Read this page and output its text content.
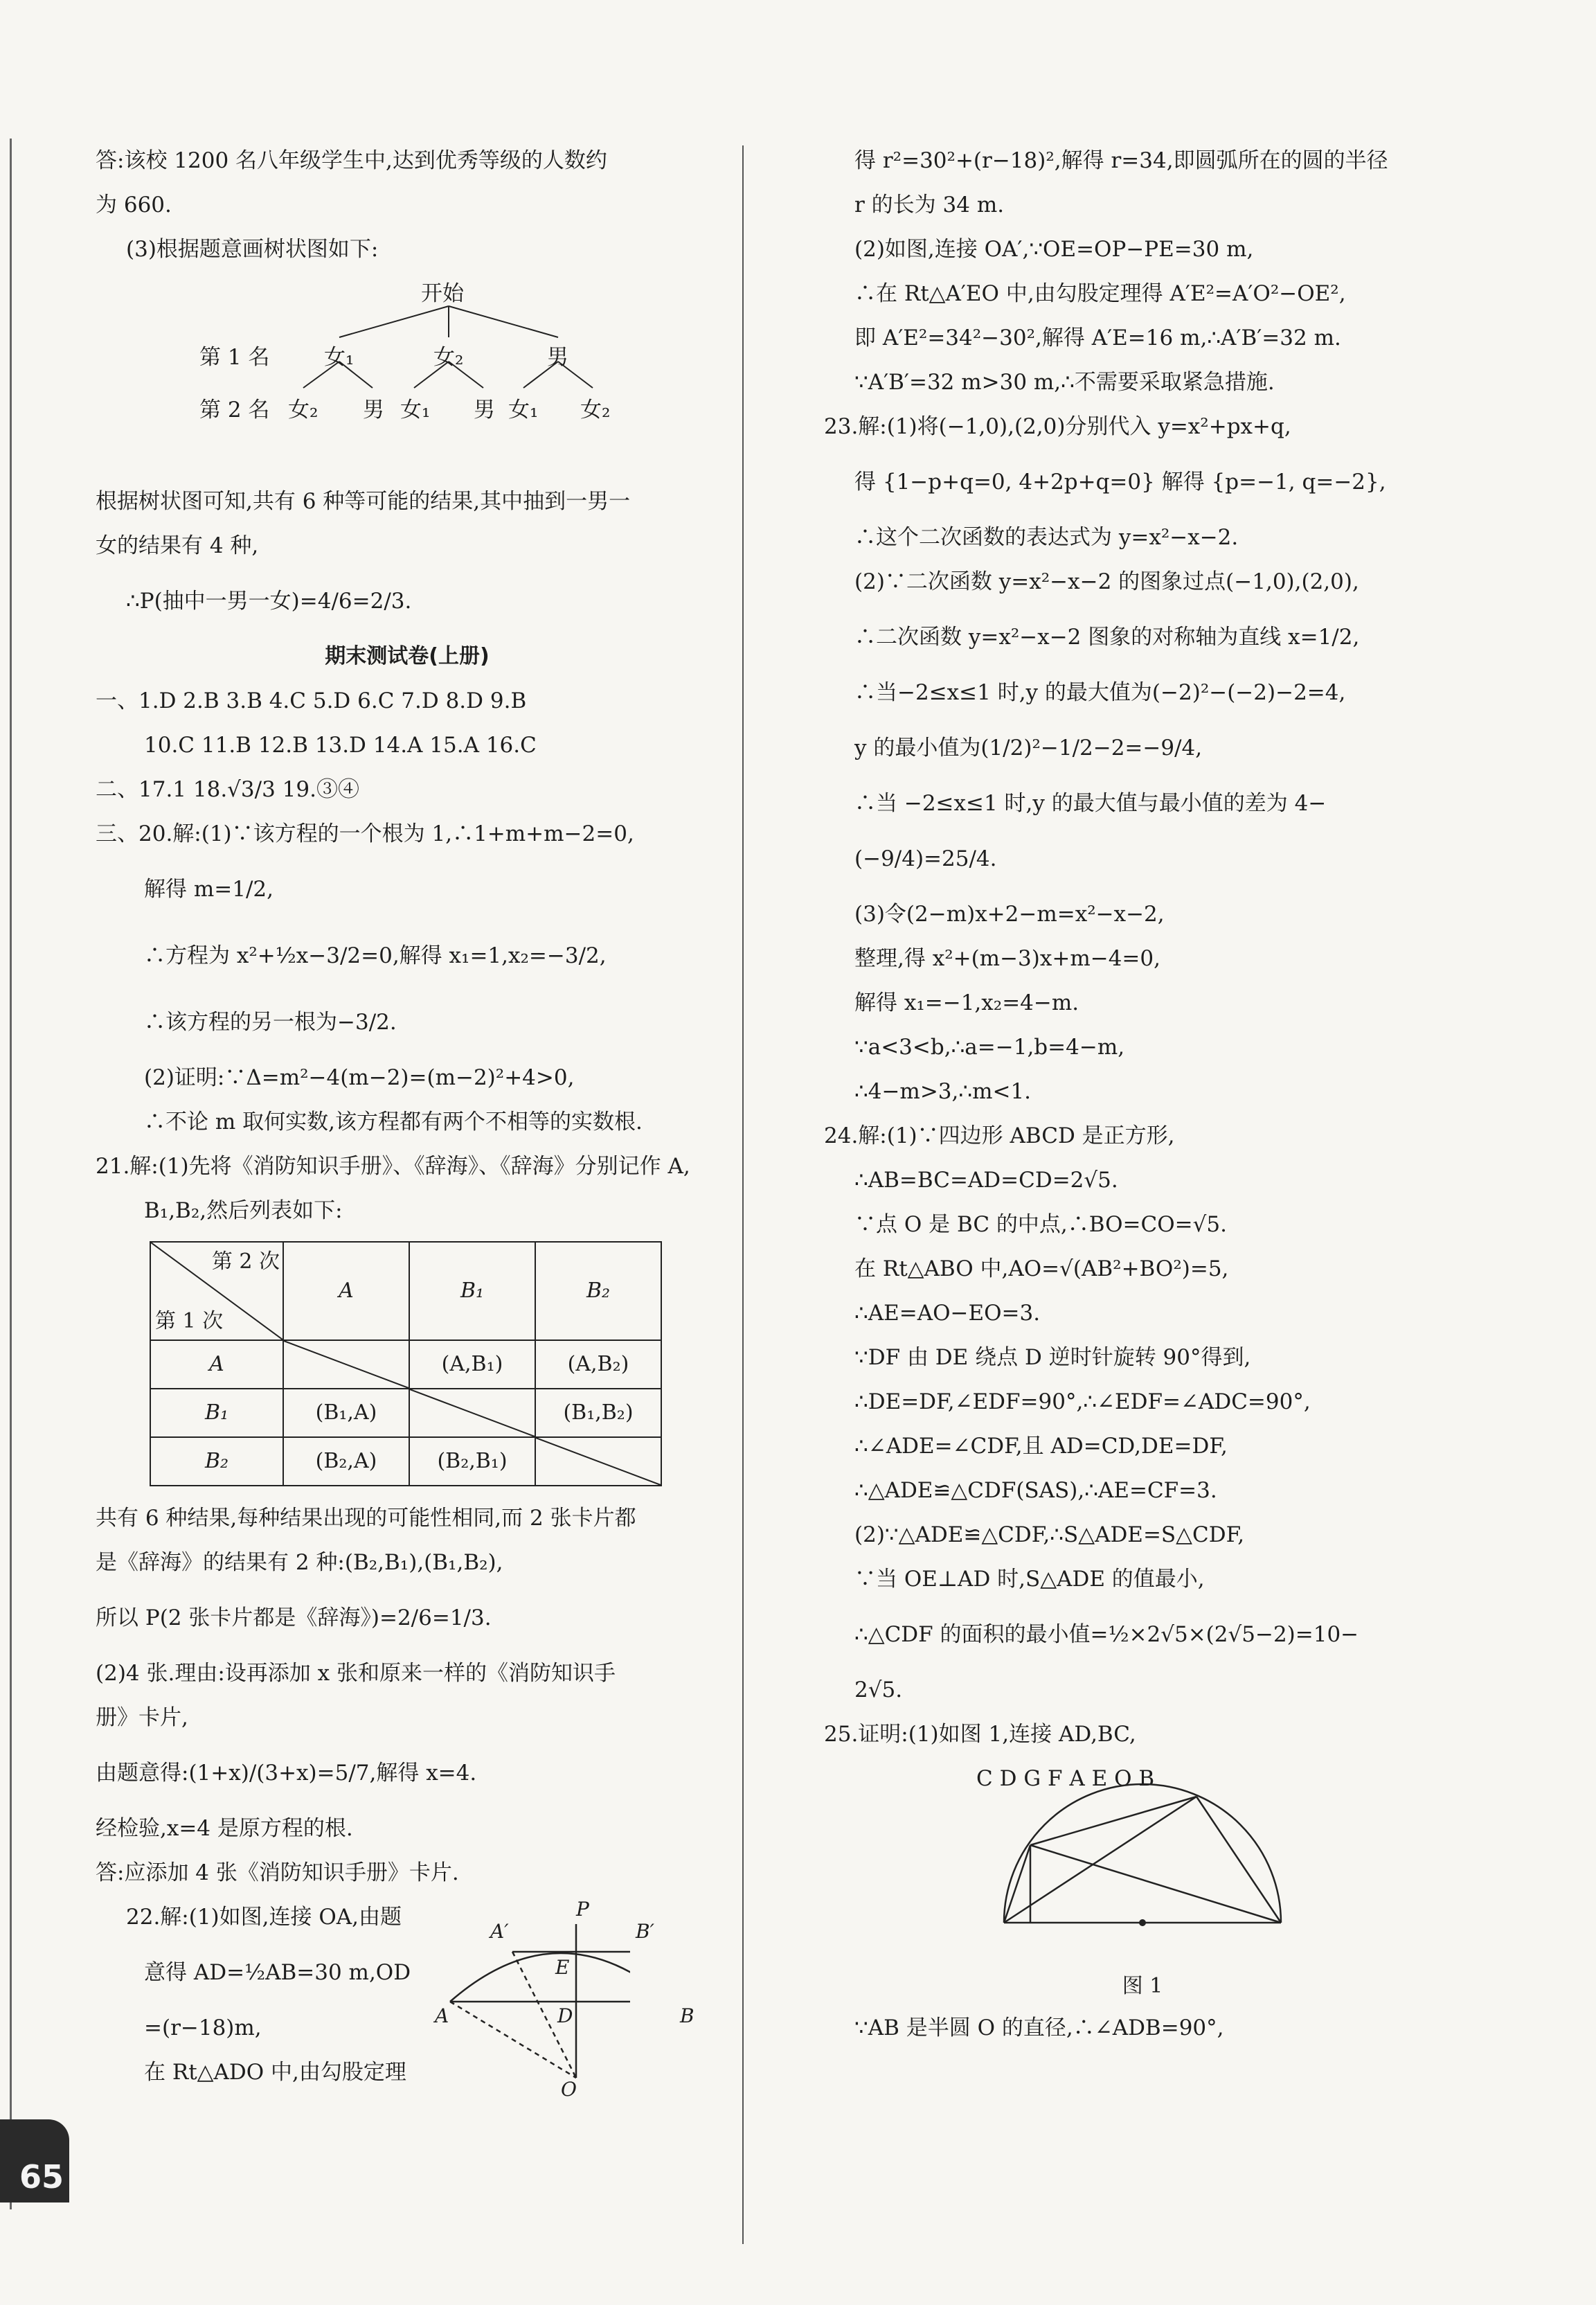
答:该校 1200 名八年级学生中,达到优秀等级的人数约
为 660.
(3)根据题意画树状图如下:
开始
第 1 名
第 2 名
女₁	女₂	男
女₂ 男 女₁ 男 女₁ 女₂
根据树状图可知,共有 6 种等可能的结果,其中抽到一男一
女的结果有 4 种,
∴P(抽中一男一女)=4/6=2/3.
期末测试卷(上册)
一、1.D 2.B 3.B 4.C 5.D 6.C 7.D 8.D 9.B
10.C 11.B 12.B 13.D 14.A 15.A 16.C
二、17.1 18.√3/3 19.③④
三、20.解:(1)∵该方程的一个根为 1,∴1+m+m−2=0,
解得 m=1/2,
∴方程为 x²+½x−3/2=0,解得 x₁=1,x₂=−3/2,
∴该方程的另一根为−3/2.
(2)证明:∵Δ=m²−4(m−2)=(m−2)²+4>0,
∴不论 m 取何实数,该方程都有两个不相等的实数根.
21.解:(1)先将《消防知识手册》、《辞海》、《辞海》分别记作 A,
B₁,B₂,然后列表如下:
第 2 次
第 1 次	A	B₁	B₂
A		(A,B₁)	(A,B₂)
B₁	(B₁,A)		(B₁,B₂)
B₂	(B₂,A)	(B₂,B₁)	
共有 6 种结果,每种结果出现的可能性相同,而 2 张卡片都
是《辞海》的结果有 2 种:(B₂,B₁),(B₁,B₂),
所以 P(2 张卡片都是《辞海》)=2/6=1/3.
(2)4 张.理由:设再添加 x 张和原来一样的《消防知识手
册》卡片,
由题意得:(1+x)/(3+x)=5/7,解得 x=4.
经检验,x=4 是原方程的根.
答:应添加 4 张《消防知识手册》卡片.
22.解:(1)如图,连接 OA,由题
意得 AD=½AB=30 m,OD
=(r−18)m,
在 Rt△ADO 中,由勾股定理
P
A′	B′
E
A	D	B
O
得 r²=30²+(r−18)²,解得 r=34,即圆弧所在的圆的半径
r 的长为 34 m.
(2)如图,连接 OA′,∵OE=OP−PE=30 m,
∴在 Rt△A′EO 中,由勾股定理得 A′E²=A′O²−OE²,
即 A′E²=34²−30²,解得 A′E=16 m,∴A′B′=32 m.
∵A′B′=32 m>30 m,∴不需要采取紧急措施.
23.解:(1)将(−1,0),(2,0)分别代入 y=x²+px+q,
得 {1−p+q=0, 4+2p+q=0} 解得 {p=−1, q=−2},
∴这个二次函数的表达式为 y=x²−x−2.
(2)∵二次函数 y=x²−x−2 的图象过点(−1,0),(2,0),
∴二次函数 y=x²−x−2 图象的对称轴为直线 x=1/2,
∴当−2≤x≤1 时,y 的最大值为(−2)²−(−2)−2=4,
y 的最小值为(1/2)²−1/2−2=−9/4,
∴当 −2≤x≤1 时,y 的最大值与最小值的差为 4−
(−9/4)=25/4.
(3)令(2−m)x+2−m=x²−x−2,
整理,得 x²+(m−3)x+m−4=0,
解得 x₁=−1,x₂=4−m.
∵a<3<b,∴a=−1,b=4−m,
∴4−m>3,∴m<1.
24.解:(1)∵四边形 ABCD 是正方形,
∴AB=BC=AD=CD=2√5.
∵点 O 是 BC 的中点,∴BO=CO=√5.
在 Rt△ABO 中,AO=√(AB²+BO²)=5,
∴AE=AO−EO=3.
∵DF 由 DE 绕点 D 逆时针旋转 90°得到,
∴DE=DF,∠EDF=90°,∴∠EDF=∠ADC=90°,
∴∠ADE=∠CDF,且 AD=CD,DE=DF,
∴△ADE≌△CDF(SAS),∴AE=CF=3.
(2)∵△ADE≌△CDF,∴S△ADE=S△CDF,
∵当 OE⊥AD 时,S△ADE 的值最小,
∴△CDF 的面积的最小值=½×2√5×(2√5−2)=10−
2√5.
25.证明:(1)如图 1,连接 AD,BC,
C D G F A E O B
图 1
∵AB 是半圆 O 的直径,∴∠ADB=90°,
65
